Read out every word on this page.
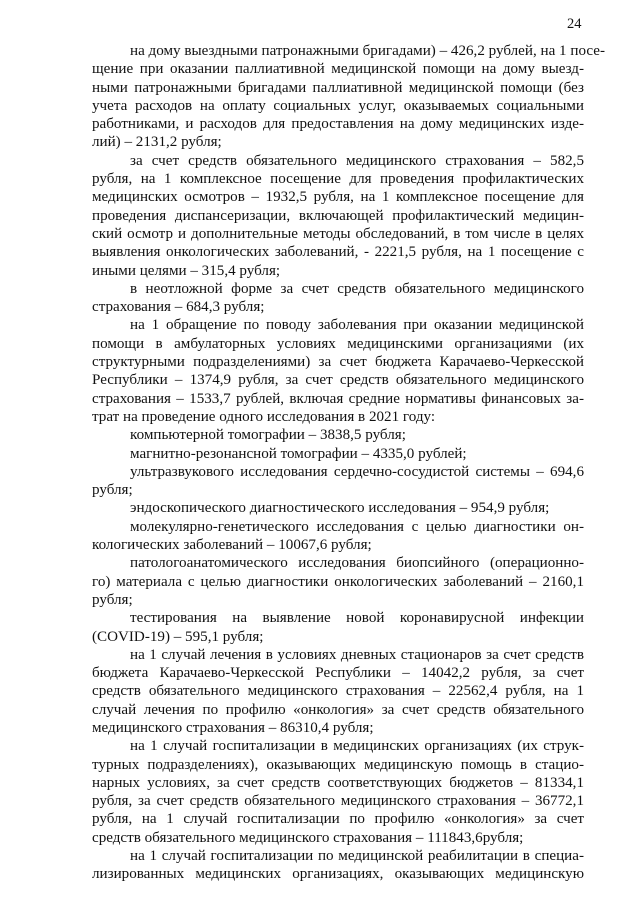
24
на дому выездными патронажными бригадами) – 426,2 рублей, на 1 посе-
щение при оказании паллиативной медицинской помощи на дому выезд-
ными патронажными бригадами паллиативной медицинской помощи (без
учета расходов на оплату социальных услуг, оказываемых социальными
работниками, и расходов для предоставления на дому медицинских изде-
лий) – 2131,2 рубля;
за счет средств обязательного медицинского страхования – 582,5
рубля, на 1 комплексное посещение для проведения профилактических
медицинских осмотров – 1932,5 рубля, на 1 комплексное посещение для
проведения диспансеризации, включающей профилактический медицин-
ский осмотр и дополнительные методы обследований, в том числе в целях
выявления онкологических заболеваний, - 2221,5 рубля, на 1 посещение с
иными целями – 315,4 рубля;
в неотложной форме за счет средств обязательного медицинского
страхования – 684,3 рубля;
на 1 обращение по поводу заболевания при оказании медицинской
помощи в амбулаторных условиях медицинскими организациями (их
структурными подразделениями) за счет бюджета Карачаево-Черкесской
Республики – 1374,9 рубля, за счет средств обязательного медицинского
страхования – 1533,7 рублей, включая средние нормативы финансовых за-
трат на проведение одного исследования в 2021 году:
компьютерной томографии – 3838,5 рубля;
магнитно-резонансной томографии – 4335,0 рублей;
ультразвукового исследования сердечно-сосудистой системы – 694,6
рубля;
эндоскопического диагностического исследования – 954,9 рубля;
молекулярно-генетического исследования с целью диагностики он-
кологических заболеваний – 10067,6 рубля;
патологоанатомического исследования биопсийного (операционно-
го) материала с целью диагностики онкологических заболеваний – 2160,1
рубля;
тестирования на выявление новой коронавирусной инфекции
(COVID-19) – 595,1 рубля;
на 1 случай лечения в условиях дневных стационаров за счет средств
бюджета Карачаево-Черкесской Республики – 14042,2 рубля, за счет
средств обязательного медицинского страхования – 22562,4 рубля, на 1
случай лечения по профилю «онкология» за счет средств обязательного
медицинского страхования – 86310,4 рубля;
на 1 случай госпитализации в медицинских организациях (их струк-
турных подразделениях), оказывающих медицинскую помощь в стацио-
нарных условиях, за счет средств соответствующих бюджетов – 81334,1
рубля, за счет средств обязательного медицинского страхования – 36772,1
рубля, на 1 случай госпитализации по профилю «онкология» за счет
средств обязательного медицинского страхования – 111843,6рубля;
на 1 случай госпитализации по медицинской реабилитации в специа-
лизированных медицинских организациях, оказывающих медицинскую
